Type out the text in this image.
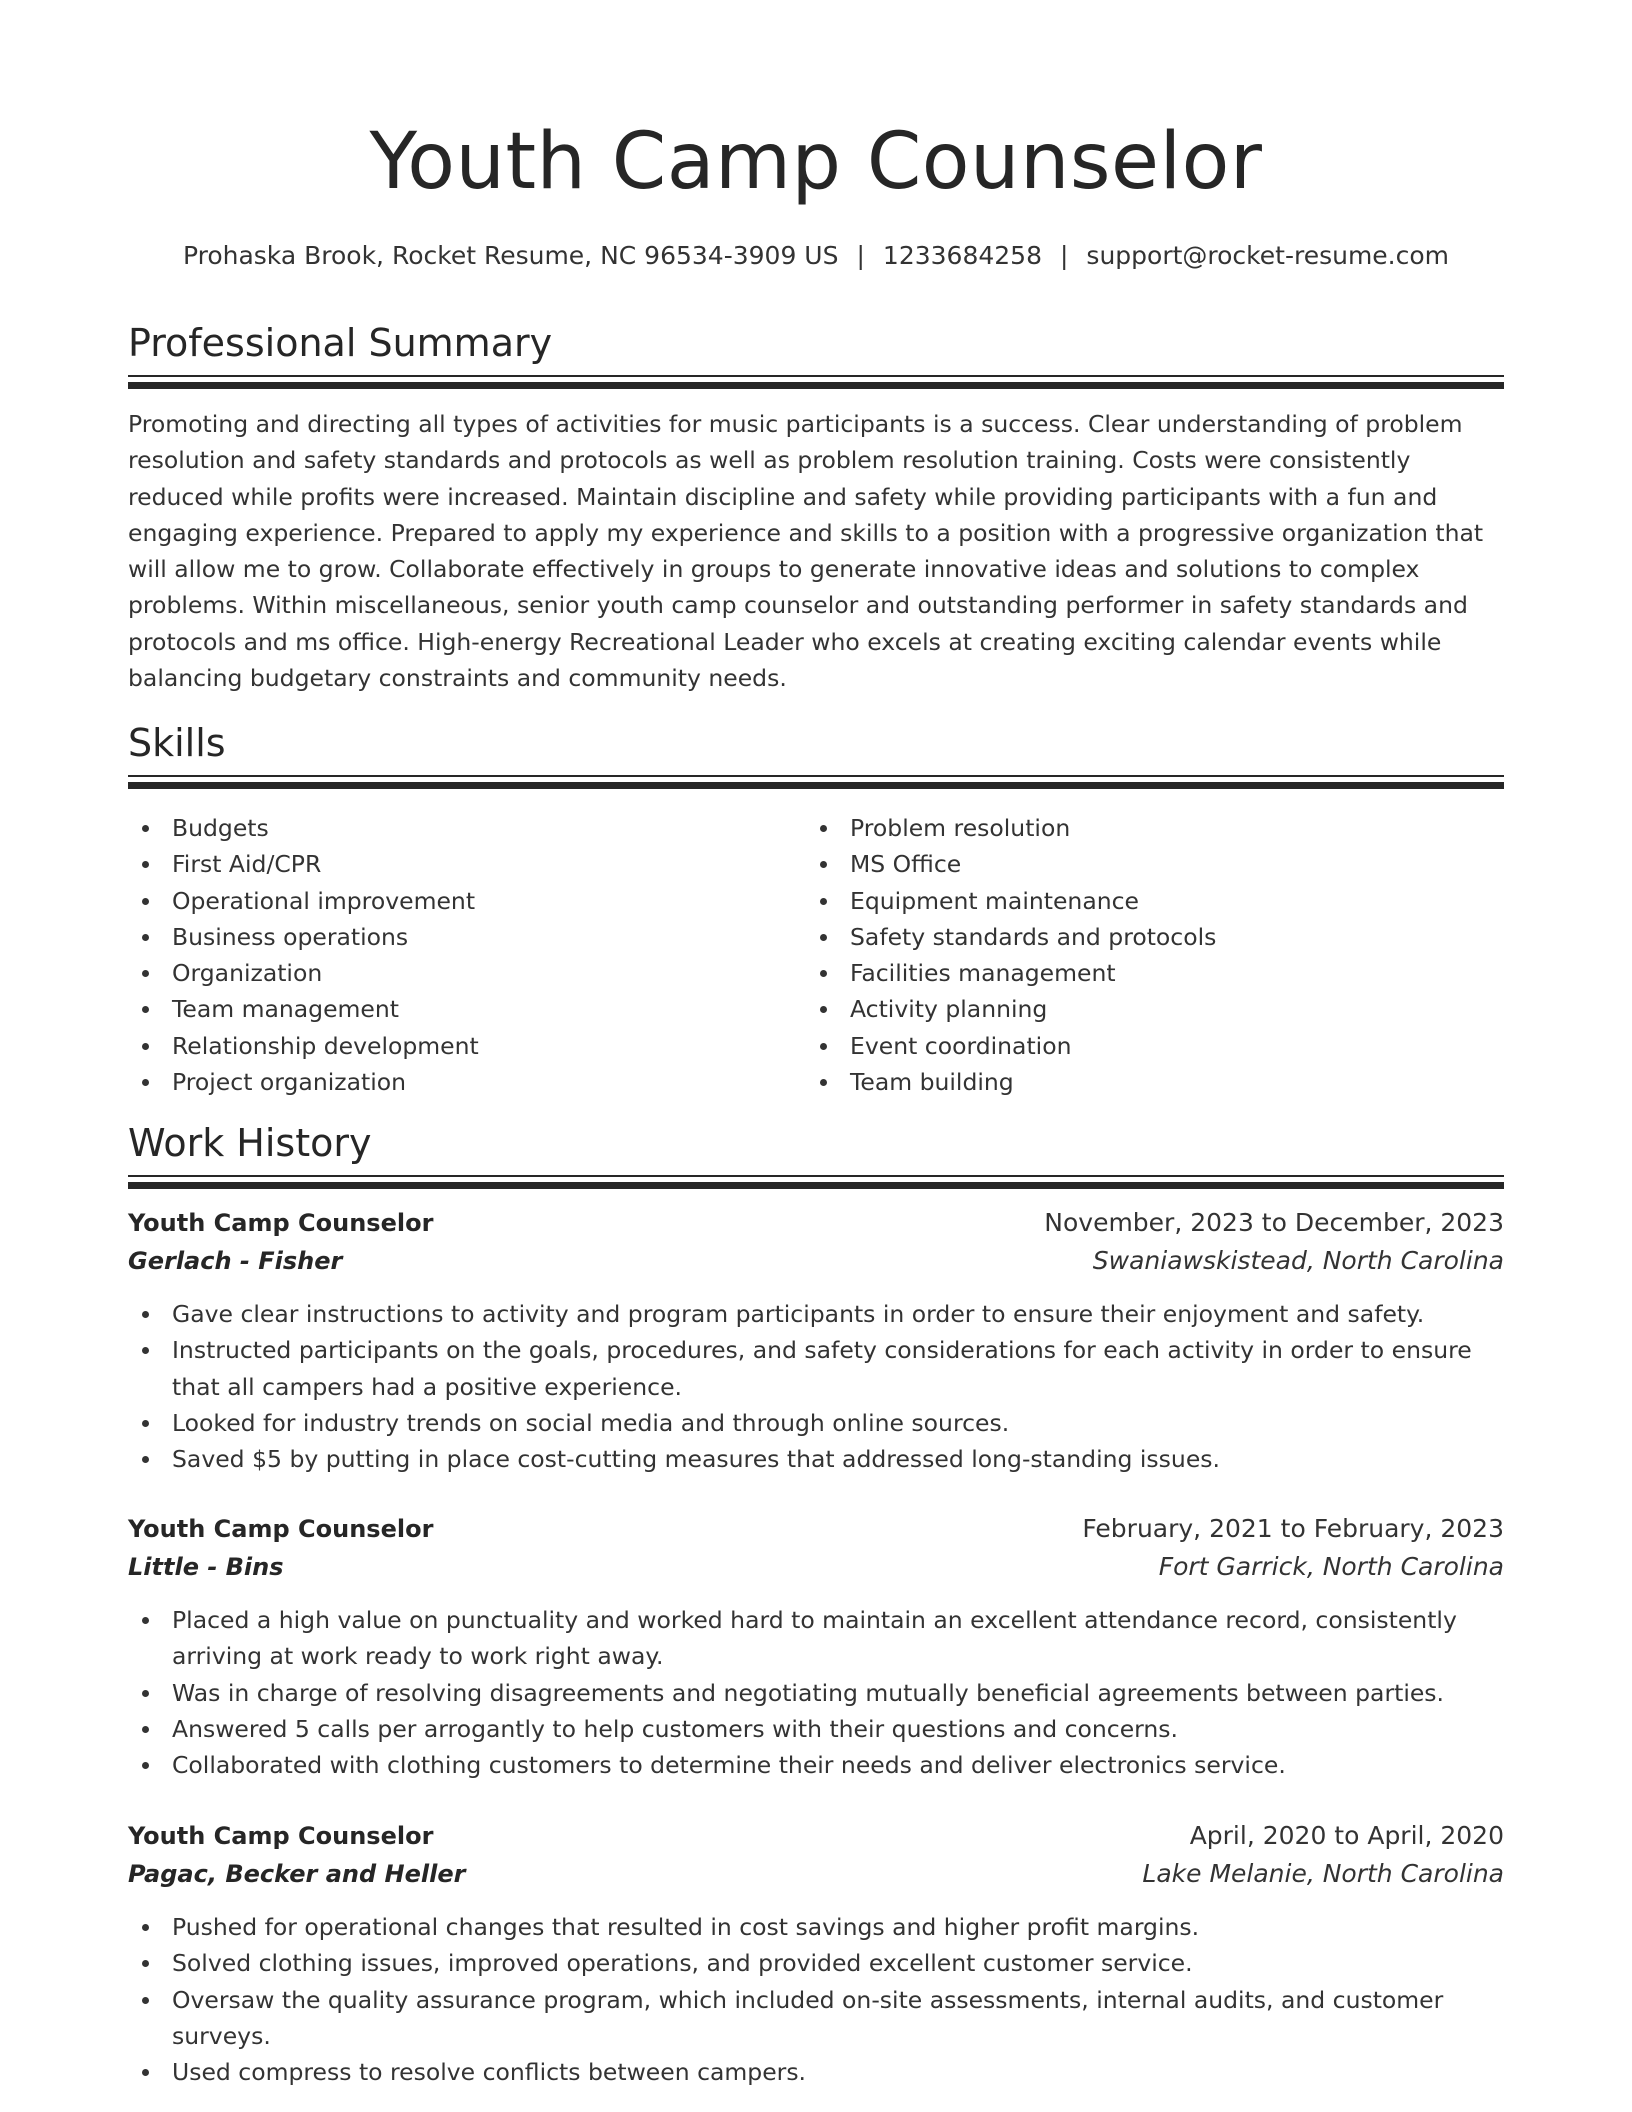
Youth Camp Counselor
Prohaska Brook, Rocket Resume, NC 96534-3909 US | 1233684258 | support@rocket-resume.com
Professional Summary

Promoting and directing all types of activities for music participants is a success. Clear understanding of problem resolution and safety standards and protocols as well as problem resolution training. Costs were consistently reduced while profits were increased. Maintain discipline and safety while providing participants with a fun and engaging experience. Prepared to apply my experience and skills to a position with a progressive organization that will allow me to grow. Collaborate effectively in groups to generate innovative ideas and solutions to complex problems. Within miscellaneous, senior youth camp counselor and outstanding performer in safety standards and protocols and ms office. High-energy Recreational Leader who excels at creating exciting calendar events while balancing budgetary constraints and community needs.

Skills
Budgets
First Aid/CPR
Operational improvement
Business operations
Organization
Team management
Relationship development
Project organization
Problem resolution
MS Office
Equipment maintenance
Safety standards and protocols
Facilities management
Activity planning
Event coordination
Team building
Work History
Youth Camp Counselor	November, 2023 to December, 2023
Gerlach - Fisher	Swaniawskistead, North Carolina
Gave clear instructions to activity and program participants in order to ensure their enjoyment and safety.
Instructed participants on the goals, procedures, and safety considerations for each activity in order to ensure that all campers had a positive experience.
Looked for industry trends on social media and through online sources.
Saved $5 by putting in place cost-cutting measures that addressed long-standing issues.
Youth Camp Counselor	February, 2021 to February, 2023
Little - Bins	Fort Garrick, North Carolina
Placed a high value on punctuality and worked hard to maintain an excellent attendance record, consistently arriving at work ready to work right away.
Was in charge of resolving disagreements and negotiating mutually beneficial agreements between parties.
Answered 5 calls per arrogantly to help customers with their questions and concerns.
Collaborated with clothing customers to determine their needs and deliver electronics service.
Youth Camp Counselor	April, 2020 to April, 2020
Pagac, Becker and Heller	Lake Melanie, North Carolina
Pushed for operational changes that resulted in cost savings and higher profit margins.
Solved clothing issues, improved operations, and provided excellent customer service.
Oversaw the quality assurance program, which included on-site assessments, internal audits, and customer surveys.
Used compress to resolve conflicts between campers.
